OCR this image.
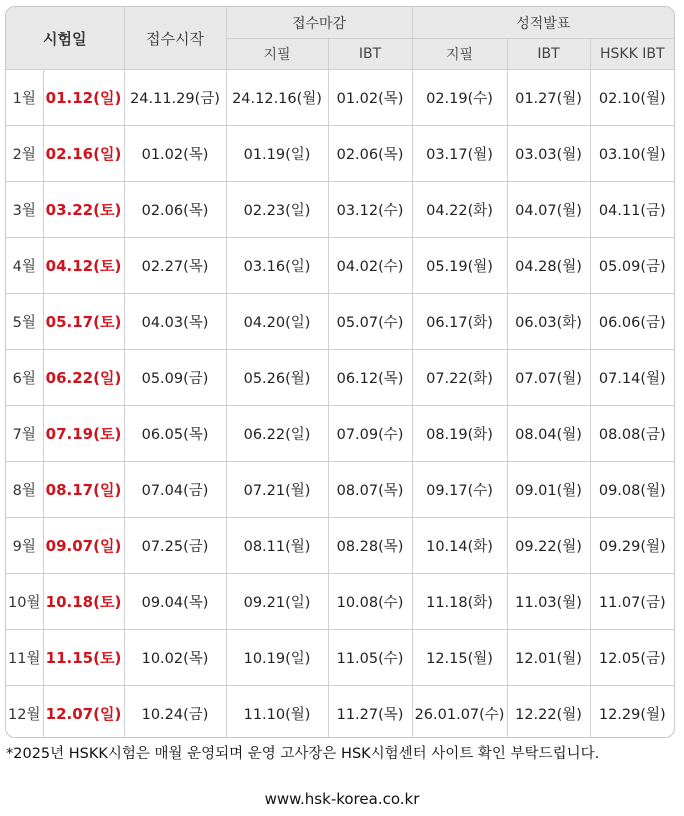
시험일		접수시작	접수마감		성적발표		
			지필	IBT	지필	IBT	HSKK IBT
1월	01.12(일)	24.11.29(금)	24.12.16(월)	01.02(목)	02.19(수)	01.27(월)	02.10(월)
2월	02.16(일)	01.02(목)	01.19(일)	02.06(목)	03.17(월)	03.03(월)	03.10(월)
3월	03.22(토)	02.06(목)	02.23(일)	03.12(수)	04.22(화)	04.07(월)	04.11(금)
4월	04.12(토)	02.27(목)	03.16(일)	04.02(수)	05.19(월)	04.28(월)	05.09(금)
5월	05.17(토)	04.03(목)	04.20(일)	05.07(수)	06.17(화)	06.03(화)	06.06(금)
6월	06.22(일)	05.09(금)	05.26(월)	06.12(목)	07.22(화)	07.07(월)	07.14(월)
7월	07.19(토)	06.05(목)	06.22(일)	07.09(수)	08.19(화)	08.04(월)	08.08(금)
8월	08.17(일)	07.04(금)	07.21(월)	08.07(목)	09.17(수)	09.01(월)	09.08(월)
9월	09.07(일)	07.25(금)	08.11(월)	08.28(목)	10.14(화)	09.22(월)	09.29(월)
10월	10.18(토)	09.04(목)	09.21(일)	10.08(수)	11.18(화)	11.03(월)	11.07(금)
11월	11.15(토)	10.02(목)	10.19(일)	11.05(수)	12.15(월)	12.01(월)	12.05(금)
12월	12.07(일)	10.24(금)	11.10(월)	11.27(목)	26.01.07(수)	12.22(월)	12.29(월)
*2025년 HSKK시험은 매월 운영되며 운영 고사장은 HSK시험센터 사이트 확인 부탁드립니다.
www.hsk-korea.co.kr
